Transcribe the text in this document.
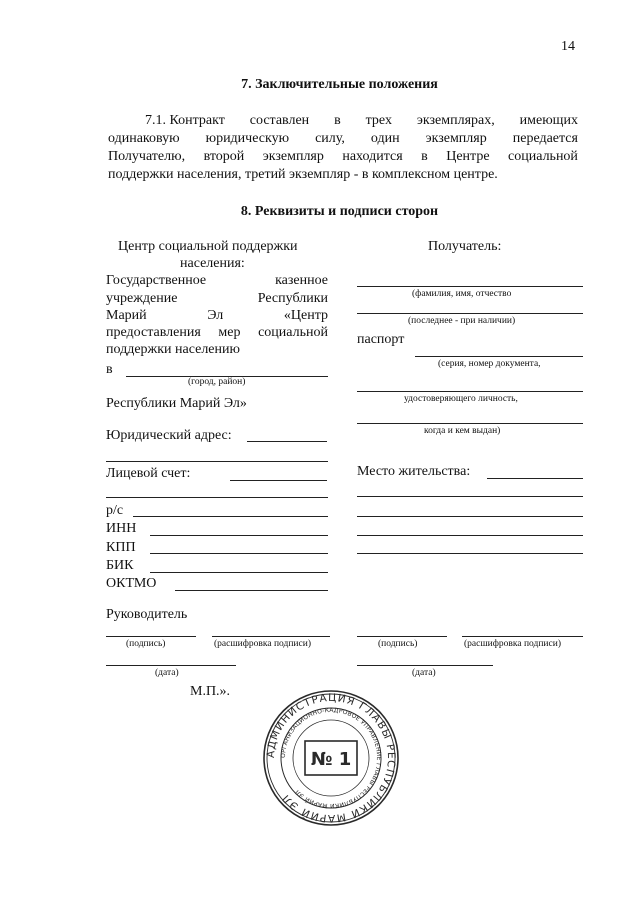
14
7. Заключительные положения
7.1. Контракт составлен в трех экземплярах, имеющих
одинаковую юридическую силу, один экземпляр передается
Получателю, второй экземпляр находится в Центре социальной
поддержки населения, третий экземпляр - в комплексном центре.
8. Реквизиты и подписи сторон
Центр социальной поддержки
населения:
Государственное	казенное
учреждение	Республики
Марий	Эл	«Центр
предоставления мер социальной
поддержки населению
в
(город, район)
Республики Марий Эл»
Юридический адрес:
Лицевой счет:
р/с
ИНН
КПП
БИК
ОКТМО
Руководитель
(подпись)	(расшифровка подписи)
(дата)
М.П.».
Получатель:
(фамилия, имя, отчество
(последнее - при наличии)
паспорт
(серия, номер документа,
удостоверяющего личность,
когда и кем выдан)
Место жительства:
(подпись)	(расшифровка подписи)
(дата)
АДМИНИСТРАЦИЯ ГЛАВЫ РЕСПУБЛИКИ МАРИЙ ЭЛ
ОРГАНИЗАЦИОННО-КАДРОВОЕ УПРАВЛЕНИЕ ГЛАВЫ РЕСПУБЛИКИ МАРИЙ ЭЛ
№ 1
